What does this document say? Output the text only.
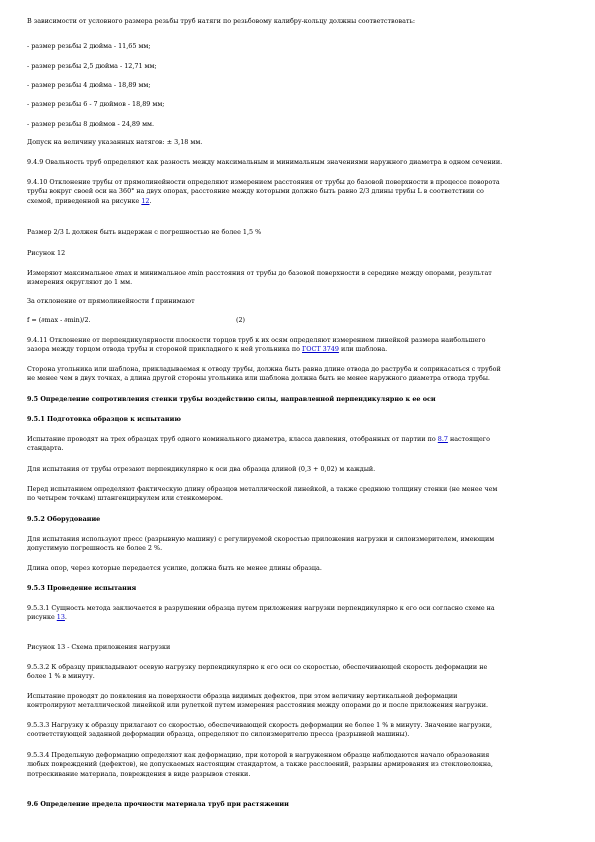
В зависимости от условного размера резьбы труб натяги по резьбовому калибру-кольцу должны соответствовать:
- размер резьбы 2 дюйма - 11,65 мм;
- размер резьбы 2,5 дюйма - 12,71 мм;
- размер резьбы 4 дюйма - 18,89 мм;
- размер резьбы 6 - 7 дюймов - 18,89 мм;
- размер резьбы 8 дюймов - 24,89 мм.
Допуск на величину указанных натягов: ± 3,18 мм.
9.4.9 Овальность труб определяют как разность между максимальным и минимальным значениями наружного диаметра в одном сечении.
9.4.10 Отклонение трубы от прямолинейности определяют измерением расстояния от трубы до базовой поверхности в процессе поворота
трубы вокруг своей оси на 360° на двух опорах, расстояние между которыми должно быть равно 2/3 длины трубы L в соответствии со
схемой, приведенной на рисунке 12.
Размер 2/3 L должен быть выдержан с погрешностью не более 1,5 %
Рисунок 12
Измеряют максимальное ∂max и минимальное ∂min расстояния от трубы до базовой поверхности в середине между опорами, результат
измерения округляют до 1 мм.
За отклонение от прямолинейности f принимают
f = (∂max - ∂min)/2.	(2)
9.4.11 Отклонение от перпендикулярности плоскости торцов труб к их осям определяют измерением линейкой размера наибольшего
зазора между торцом отвода трубы и стороной прикладного к ней угольника по ГОСТ 3749 или шаблона.
Сторона угольника или шаблона, прикладываемая к отводу трубы, должна быть равна длине отвода до раструба и соприкасаться с трубой
не менее чем в двух точках, а длина другой стороны угольника или шаблона должна быть не менее наружного диаметра отвода трубы.
9.5 Определение сопротивления стенки трубы воздействию силы, направленной перпендикулярно к ее оси
9.5.1 Подготовка образцов к испытанию
Испытание проводят на трех образцах труб одного номинального диаметра, класса давления, отобранных от партии по 8.7 настоящего
стандарта.
Для испытания от трубы отрезают перпендикулярно к оси два образца длиной (0,3 + 0,02) м каждый.
Перед испытанием определяют фактическую длину образцов металлической линейкой, а также среднюю толщину стенки (не менее чем
по четырем точкам) штангенциркулем или стенкомером.
9.5.2 Оборудование
Для испытания используют пресс (разрывную машину) с регулируемой скоростью приложения нагрузки и силоизмерителем, имеющим
допустимую погрешность не более 2 %.
Длина опор, через которые передается усилие, должна быть не менее длины образца.
9.5.3 Проведение испытания
9.5.3.1 Сущность метода заключается в разрушении образца путем приложения нагрузки перпендикулярно к его оси согласно схеме на
рисунке 13.
Рисунок 13 - Схема приложения нагрузки
9.5.3.2 К образцу прикладывают осевую нагрузку перпендикулярно к его оси со скоростью, обеспечивающей скорость деформации не
более 1 % в минуту.
Испытание проводят до появления на поверхности образца видимых дефектов, при этом величину вертикальной деформации
контролируют металлической линейкой или рулеткой путем измерения расстояния между опорами до и после приложения нагрузки.
9.5.3.3 Нагрузку к образцу прилагают со скоростью, обеспечивающей скорость деформации не более 1 % в минуту. Значение нагрузки,
соответствующей заданной деформации образца, определяют по силоизмерителю пресса (разрывной машины).
9.5.3.4 Предельную деформацию определяют как деформацию, при которой в нагруженном образце наблюдаются начало образования
любых повреждений (дефектов), не допускаемых настоящим стандартом, а также расслоений, разрывы армирования из стекловолокна,
потрескивание материала, повреждения в виде разрывов стенки.
9.6 Определение предела прочности материала труб при растяжении
